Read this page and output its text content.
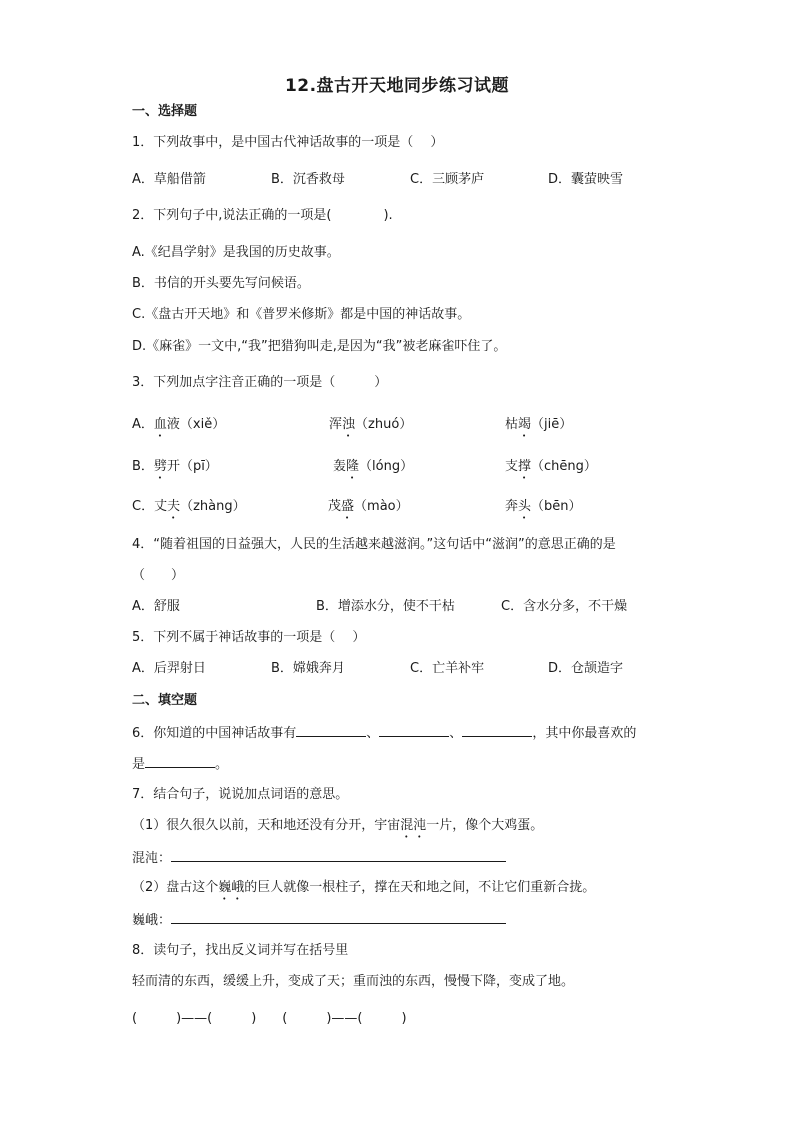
12.盘古开天地同步练习试题
一、选择题
1．下列故事中，是中国古代神话故事的一项是（　 ）
A．草船借箭	B．沉香救母	C．三顾茅庐	D．囊萤映雪
2．下列句子中,说法正确的一项是(　　　　).
A.《纪昌学射》是我国的历史故事。
B．书信的开头要先写问候语。
C.《盘古开天地》和《普罗米修斯》都是中国的神话故事。
D.《麻雀》一文中,“我”把猎狗叫走,是因为“我”被老麻雀吓住了。
3．下列加点字注音正确的一项是（　　　）
A．血液（xiě）	浑浊（zhuó）	枯竭（jiē）
B．劈开（pī）	轰隆（lóng）	支撑（chēng）
C．丈夫（zhàng）	茂盛（mào）	奔头（bēn）
4．“随着祖国的日益强大，人民的生活越来越滋润。”这句话中“滋润”的意思正确的是
（　　）
A．舒服	B．增添水分，使不干枯	C．含水分多，不干燥
5．下列不属于神话故事的一项是（　 ）
A．后羿射日	B．嫦娥奔月	C．亡羊补牢	D．仓颉造字
二、填空题
6．你知道的中国神话故事有	、	、	，其中你最喜欢的
是	。
7．结合句子，说说加点词语的意思。
（1）很久很久以前，天和地还没有分开，宇宙混沌一片，像个大鸡蛋。
混沌：
（2）盘古这个巍峨的巨人就像一根柱子，撑在天和地之间，不让它们重新合拢。
巍峨：
8．读句子，找出反义词并写在括号里
轻而清的东西，缓缓上升，变成了天；重而浊的东西，慢慢下降，变成了地。
(　　　)——(　　　)　　(　　　)——(　　　)
